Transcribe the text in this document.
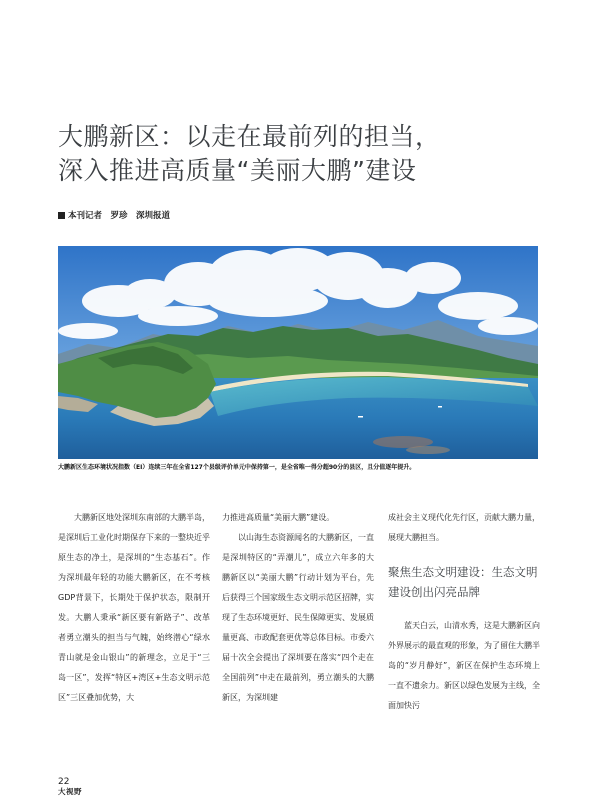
大鹏新区：以走在最前列的担当，
深入推进高质量“美丽大鹏”建设
本刊记者　罗珍　深圳报道
大鹏新区生态环境状况指数（EI）连续三年在全省127个县级评价单元中保持第一，是全省唯一得分超90分的县区，且分值逐年提升。

大鹏新区地处深圳东南部的大鹏半岛，是深圳后工业化时期保存下来的一整块近乎原生态的净土，是深圳的“生态基石”。作为深圳最年轻的功能大鹏新区，在不考核GDP背景下，长期处于保护状态，限制开发。大鹏人秉承“新区要有新路子”、改革者勇立潮头的担当与气魄，始终潜心“绿水青山就是金山银山”的新理念，立足于“三岛一区”，发挥“特区+湾区+生态文明示范区”三区叠加优势，大

力推进高质量“美丽大鹏”建设。

以山海生态资源闻名的大鹏新区，一直是深圳特区的“弄潮儿”，成立六年多的大鹏新区以“美丽大鹏”行动计划为平台，先后获得三个国家级生态文明示范区招牌，实现了生态环境更好、民生保障更实、发展质量更高、市政配套更优等总体目标。市委六届十次全会提出了深圳要在落实“四个走在全国前列”中走在最前列，勇立潮头的大鹏新区，为深圳建

成社会主义现代化先行区，贡献大鹏力量，展现大鹏担当。

聚焦生态文明建设：生态文明建设创出闪亮品牌

蓝天白云，山清水秀，这是大鹏新区向外界展示的最直观的形象，为了留住大鹏半岛的“岁月静好”，新区在保护生态环境上一直不遗余力。新区以绿色发展为主线，全面加快污

22
大视野
